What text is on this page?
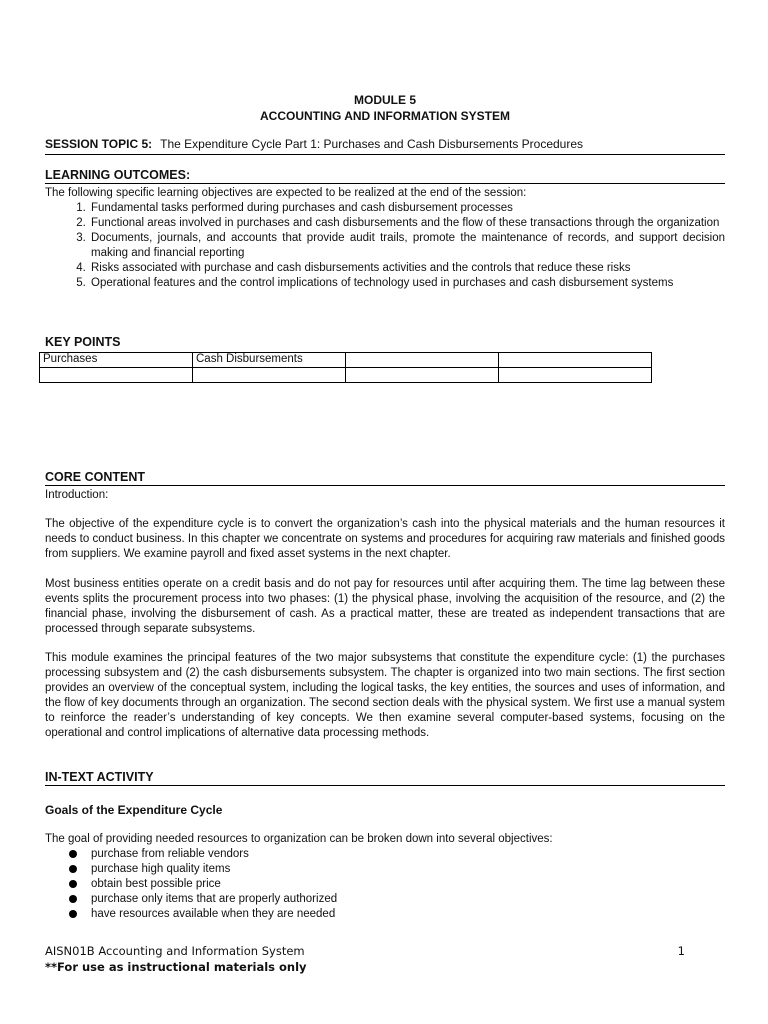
MODULE 5
ACCOUNTING AND INFORMATION SYSTEM
SESSION TOPIC 5: The Expenditure Cycle Part 1: Purchases and Cash Disbursements Procedures
LEARNING OUTCOMES:
The following specific learning objectives are expected to be realized at the end of the session:
1. Fundamental tasks performed during purchases and cash disbursement processes
2. Functional areas involved in purchases and cash disbursements and the flow of these transactions through the organization
3. Documents, journals, and accounts that provide audit trails, promote the maintenance of records, and support decision making and financial reporting
4. Risks associated with purchase and cash disbursements activities and the controls that reduce these risks
5. Operational features and the control implications of technology used in purchases and cash disbursement systems
KEY POINTS
Purchases	Cash Disbursements		

CORE CONTENT
Introduction:
The objective of the expenditure cycle is to convert the organization’s cash into the physical materials and the human resources it needs to conduct business. In this chapter we concentrate on systems and procedures for acquiring raw materials and finished goods from suppliers. We examine payroll and fixed asset systems in the next chapter.
Most business entities operate on a credit basis and do not pay for resources until after acquiring them. The time lag between these events splits the procurement process into two phases: (1) the physical phase, involving the acquisition of the resource, and (2) the financial phase, involving the disbursement of cash. As a practical matter, these are treated as independent transactions that are processed through separate subsystems.
This module examines the principal features of the two major subsystems that constitute the expenditure cycle: (1) the purchases processing subsystem and (2) the cash disbursements subsystem. The chapter is organized into two main sections. The first section provides an overview of the conceptual system, including the logical tasks, the key entities, the sources and uses of information, and the flow of key documents through an organization. The second section deals with the physical system. We first use a manual system to reinforce the reader’s understanding of key concepts. We then examine several computer-based systems, focusing on the operational and control implications of alternative data processing methods.
IN-TEXT ACTIVITY
Goals of the Expenditure Cycle
The goal of providing needed resources to organization can be broken down into several objectives:
purchase from reliable vendors
purchase high quality items
obtain best possible price
purchase only items that are properly authorized
have resources available when they are needed
AISN01B Accounting and Information System
**For use as instructional materials only
1
